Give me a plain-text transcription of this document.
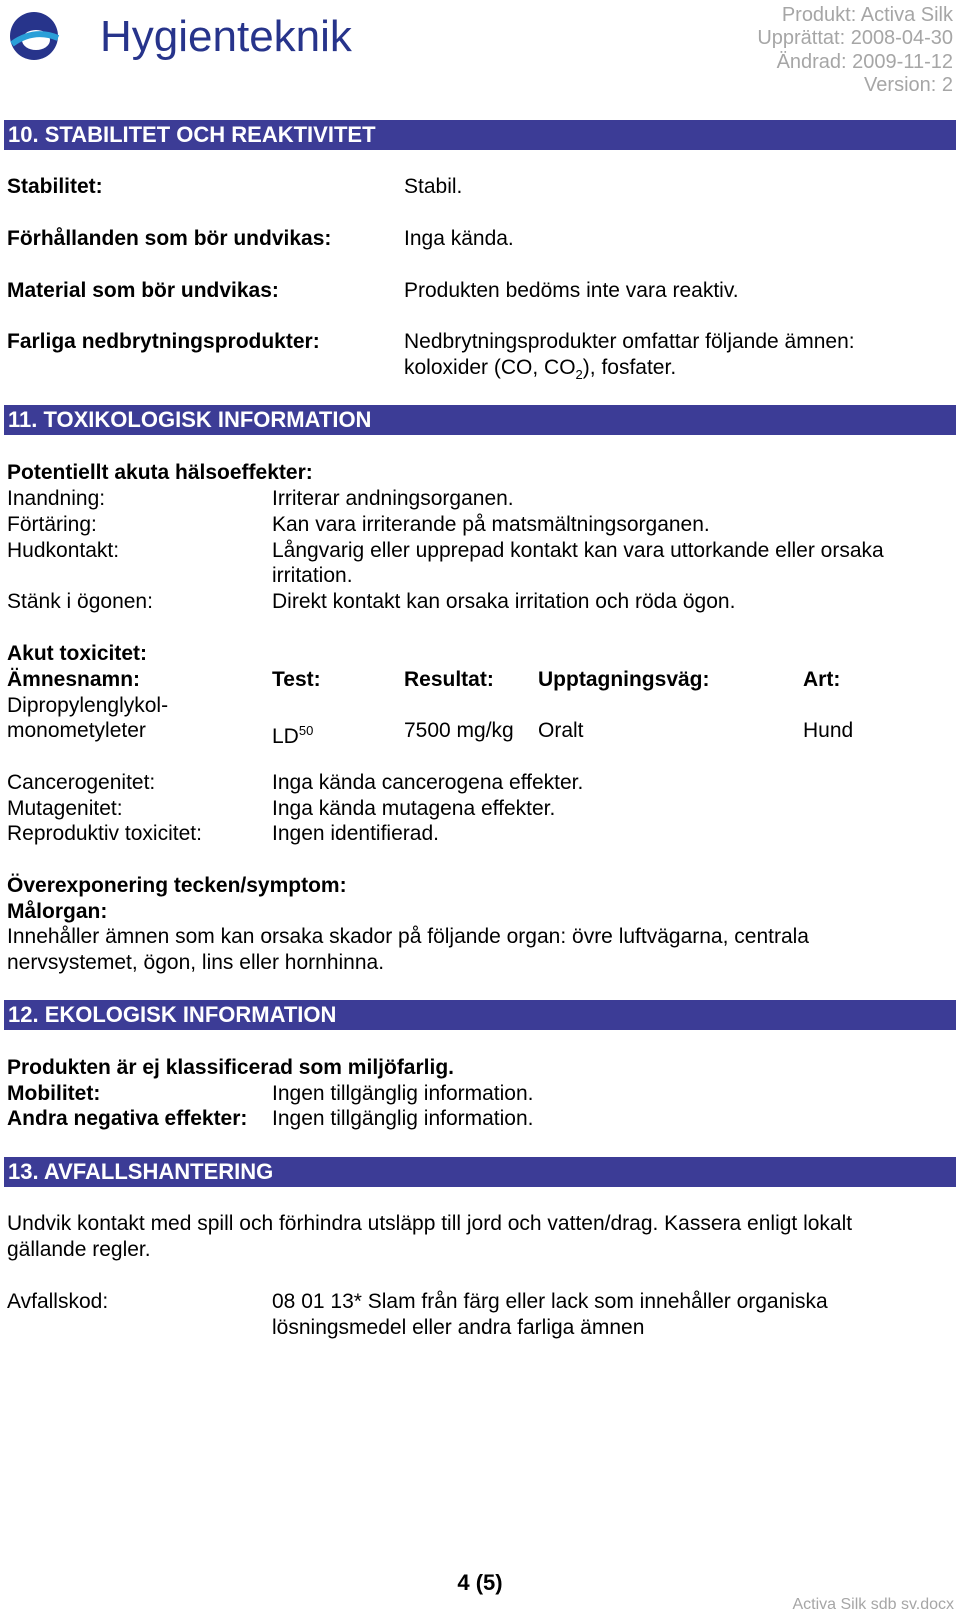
Hygienteknik	Produkt: Activa Silk
Upprättat: 2008-04-30
Ändrad: 2009-11-12
Version: 2
10. STABILITET OCH REAKTIVITET
Stabilitet:	Stabil.
Förhållanden som bör undvikas:	Inga kända.
Material som bör undvikas:	Produkten bedöms inte vara reaktiv.
Farliga nedbrytningsprodukter:	Nedbrytningsprodukter omfattar följande ämnen:
koloxider (CO, $CO_2$), fosfater.
11. TOXIKOLOGISK INFORMATION
Potentiellt akuta hälsoeffekter:
Inandning:	Irriterar andningsorganen.
Förtäring:	Kan vara irriterande på matsmältningsorganen.
Hudkontakt:	Långvarig eller upprepad kontakt kan vara uttorkande eller orsaka
irritation.
Stänk i ögonen:	Direkt kontakt kan orsaka irritation och röda ögon.
Akut toxicitet:
Ämnesnamn:	Test:	Resultat: Upptagningsväg:	Art:
Dipropylenglykol-
monometyleter	LD$^{50}$	7500 mg/kg Oralt	Hund
Cancerogenitet:	Inga kända cancerogena effekter.
Mutagenitet:	Inga kända mutagena effekter.
Reproduktiv toxicitet:	Ingen identifierad.
Överexponering tecken/symptom:
Målorgan:
Innehåller ämnen som kan orsaka skador på följande organ: övre luftvägarna, centrala
nervsystemet, ögon, lins eller hornhinna.
12. EKOLOGISK INFORMATION
Produkten är ej klassificerad som miljöfarlig.
Mobilitet:	Ingen tillgänglig information.
Andra negativa effekter: Ingen tillgänglig information.
13. AVFALLSHANTERING
Undvik kontakt med spill och förhindra utsläpp till jord och vatten/drag. Kassera enligt lokalt
gällande regler.
Avfallskod:	08 01 13* Slam från färg eller lack som innehåller organiska
lösningsmedel eller andra farliga ämnen
4 (5)
Activa Silk sdb sv.docx
